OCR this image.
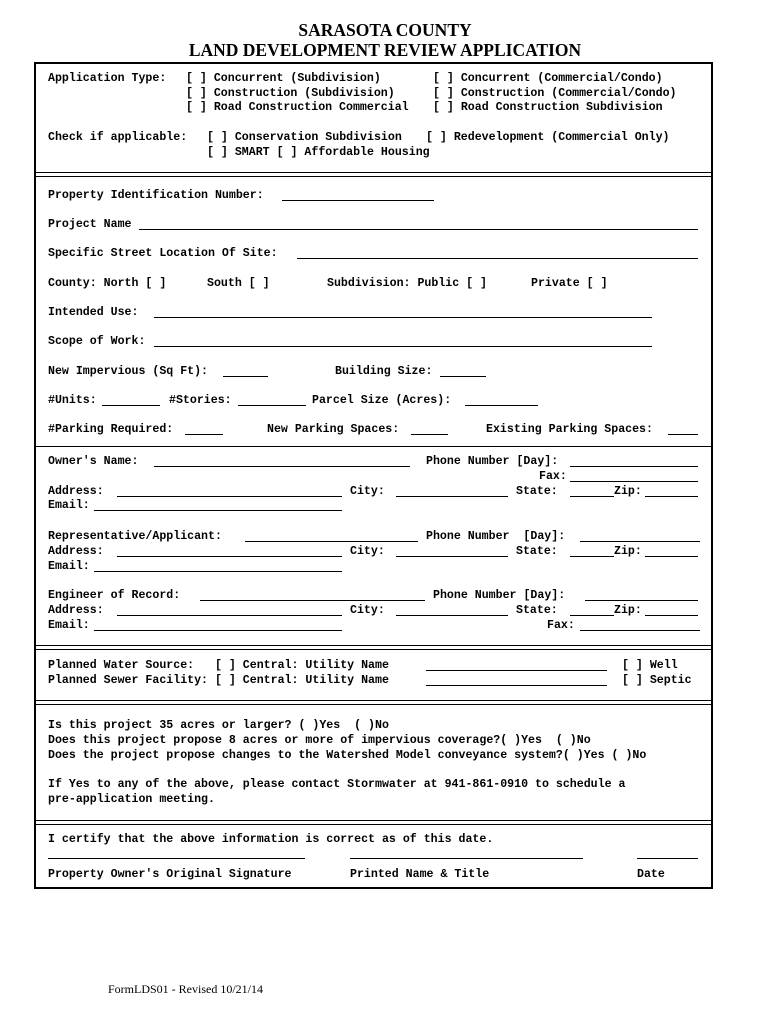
SARASOTA COUNTY
LAND DEVELOPMENT REVIEW APPLICATION
Application Type: [ ] Concurrent (Subdivision)	[ ] Concurrent (Commercial/Condo)
[ ] Construction (Subdivision)	[ ] Construction (Commercial/Condo)
[ ] Road Construction Commercial [ ] Road Construction Subdivision
Check if applicable: [ ] Conservation Subdivision [ ] Redevelopment (Commercial Only)
[ ] SMART [ ] Affordable Housing
Property Identification Number:
Project Name
Specific Street Location Of Site:
County: North [ ]	South [ ]	Subdivision: Public [ ]	Private [ ]
Intended Use:
Scope of Work:
New Impervious (Sq Ft):	Building Size:
#Units:	#Stories:	Parcel Size (Acres):
#Parking Required:	New Parking Spaces:	Existing Parking Spaces:
Owner's Name:	Phone Number [Day]:
Fax:
Address:	City:	State:	Zip:
Email:
Representative/Applicant:	Phone Number  [Day]:
Address:	City:	State:	Zip:
Email:
Engineer of Record:	Phone Number [Day]:
Address:	City:	State:	Zip:
Email:	Fax:
Planned Water Source:   [ ] Central: Utility Name	[ ] Well
Planned Sewer Facility: [ ] Central: Utility Name	[ ] Septic
Is this project 35 acres or larger? ( )Yes  ( )No
Does this project propose 8 acres or more of impervious coverage?( )Yes  ( )No
Does the project propose changes to the Watershed Model conveyance system?( )Yes ( )No
If Yes to any of the above, please contact Stormwater at 941-861-0910 to schedule a
pre-application meeting.
I certify that the above information is correct as of this date.
Property Owner's Original Signature	Printed Name & Title	Date
FormLDS01 - Revised 10/21/14
